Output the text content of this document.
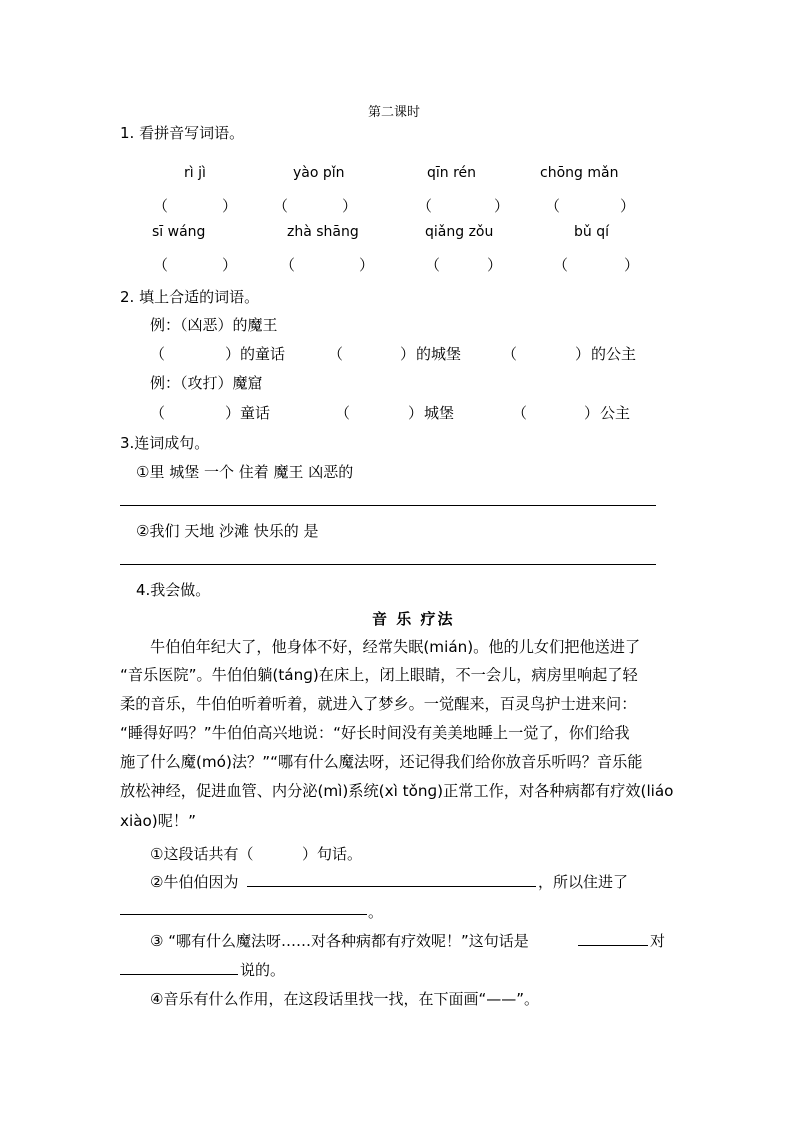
第二课时
1. 看拼音写词语。
rì jì	yào pǐn	qīn rén	chōng mǎn
（	） （	）	（	） （	）
sī wáng	zhà shāng	qiǎng zǒu	bǔ qí
（	）	（	）	（	）	（	）
2. 填上合适的词语。
例：（凶恶）的魔王
（	） 的童话	（	） 的城堡	（	） 的公主
例：（攻打）魔窟
（	） 童话	（	） 城堡	（	） 公主
3.连词成句。
①里 城堡 一个 住着 魔王 凶恶的
②我们 天地 沙滩 快乐的 是
4.我会做。
音 乐 疗法
牛伯伯年纪大了，他身体不好，经常失眠(mián)。他的儿女们把他送进了
“音乐医院”。牛伯伯躺(tánɡ)在床上，闭上眼睛，不一会儿，病房里响起了轻
柔的音乐，牛伯伯听着听着，就进入了梦乡。一觉醒来，百灵鸟护士进来问：
“睡得好吗？”牛伯伯高兴地说：“好长时间没有美美地睡上一觉了，你们给我
施了什么魔(mó)法？”“哪有什么魔法呀，还记得我们给你放音乐听吗？音乐能
放松神经，促进血管、内分泌(mì)系统(xì tǒnɡ)正常工作，对各种病都有疗效(liáo
xiào)呢！”
①这段话共有（	）句话。
②牛伯伯因为	，所以住进了
。
③ “哪有什么魔法呀……对各种病都有疗效呢！”这句话是	对
说的。
④音乐有什么作用，在这段话里找一找，在下面画“——”。
